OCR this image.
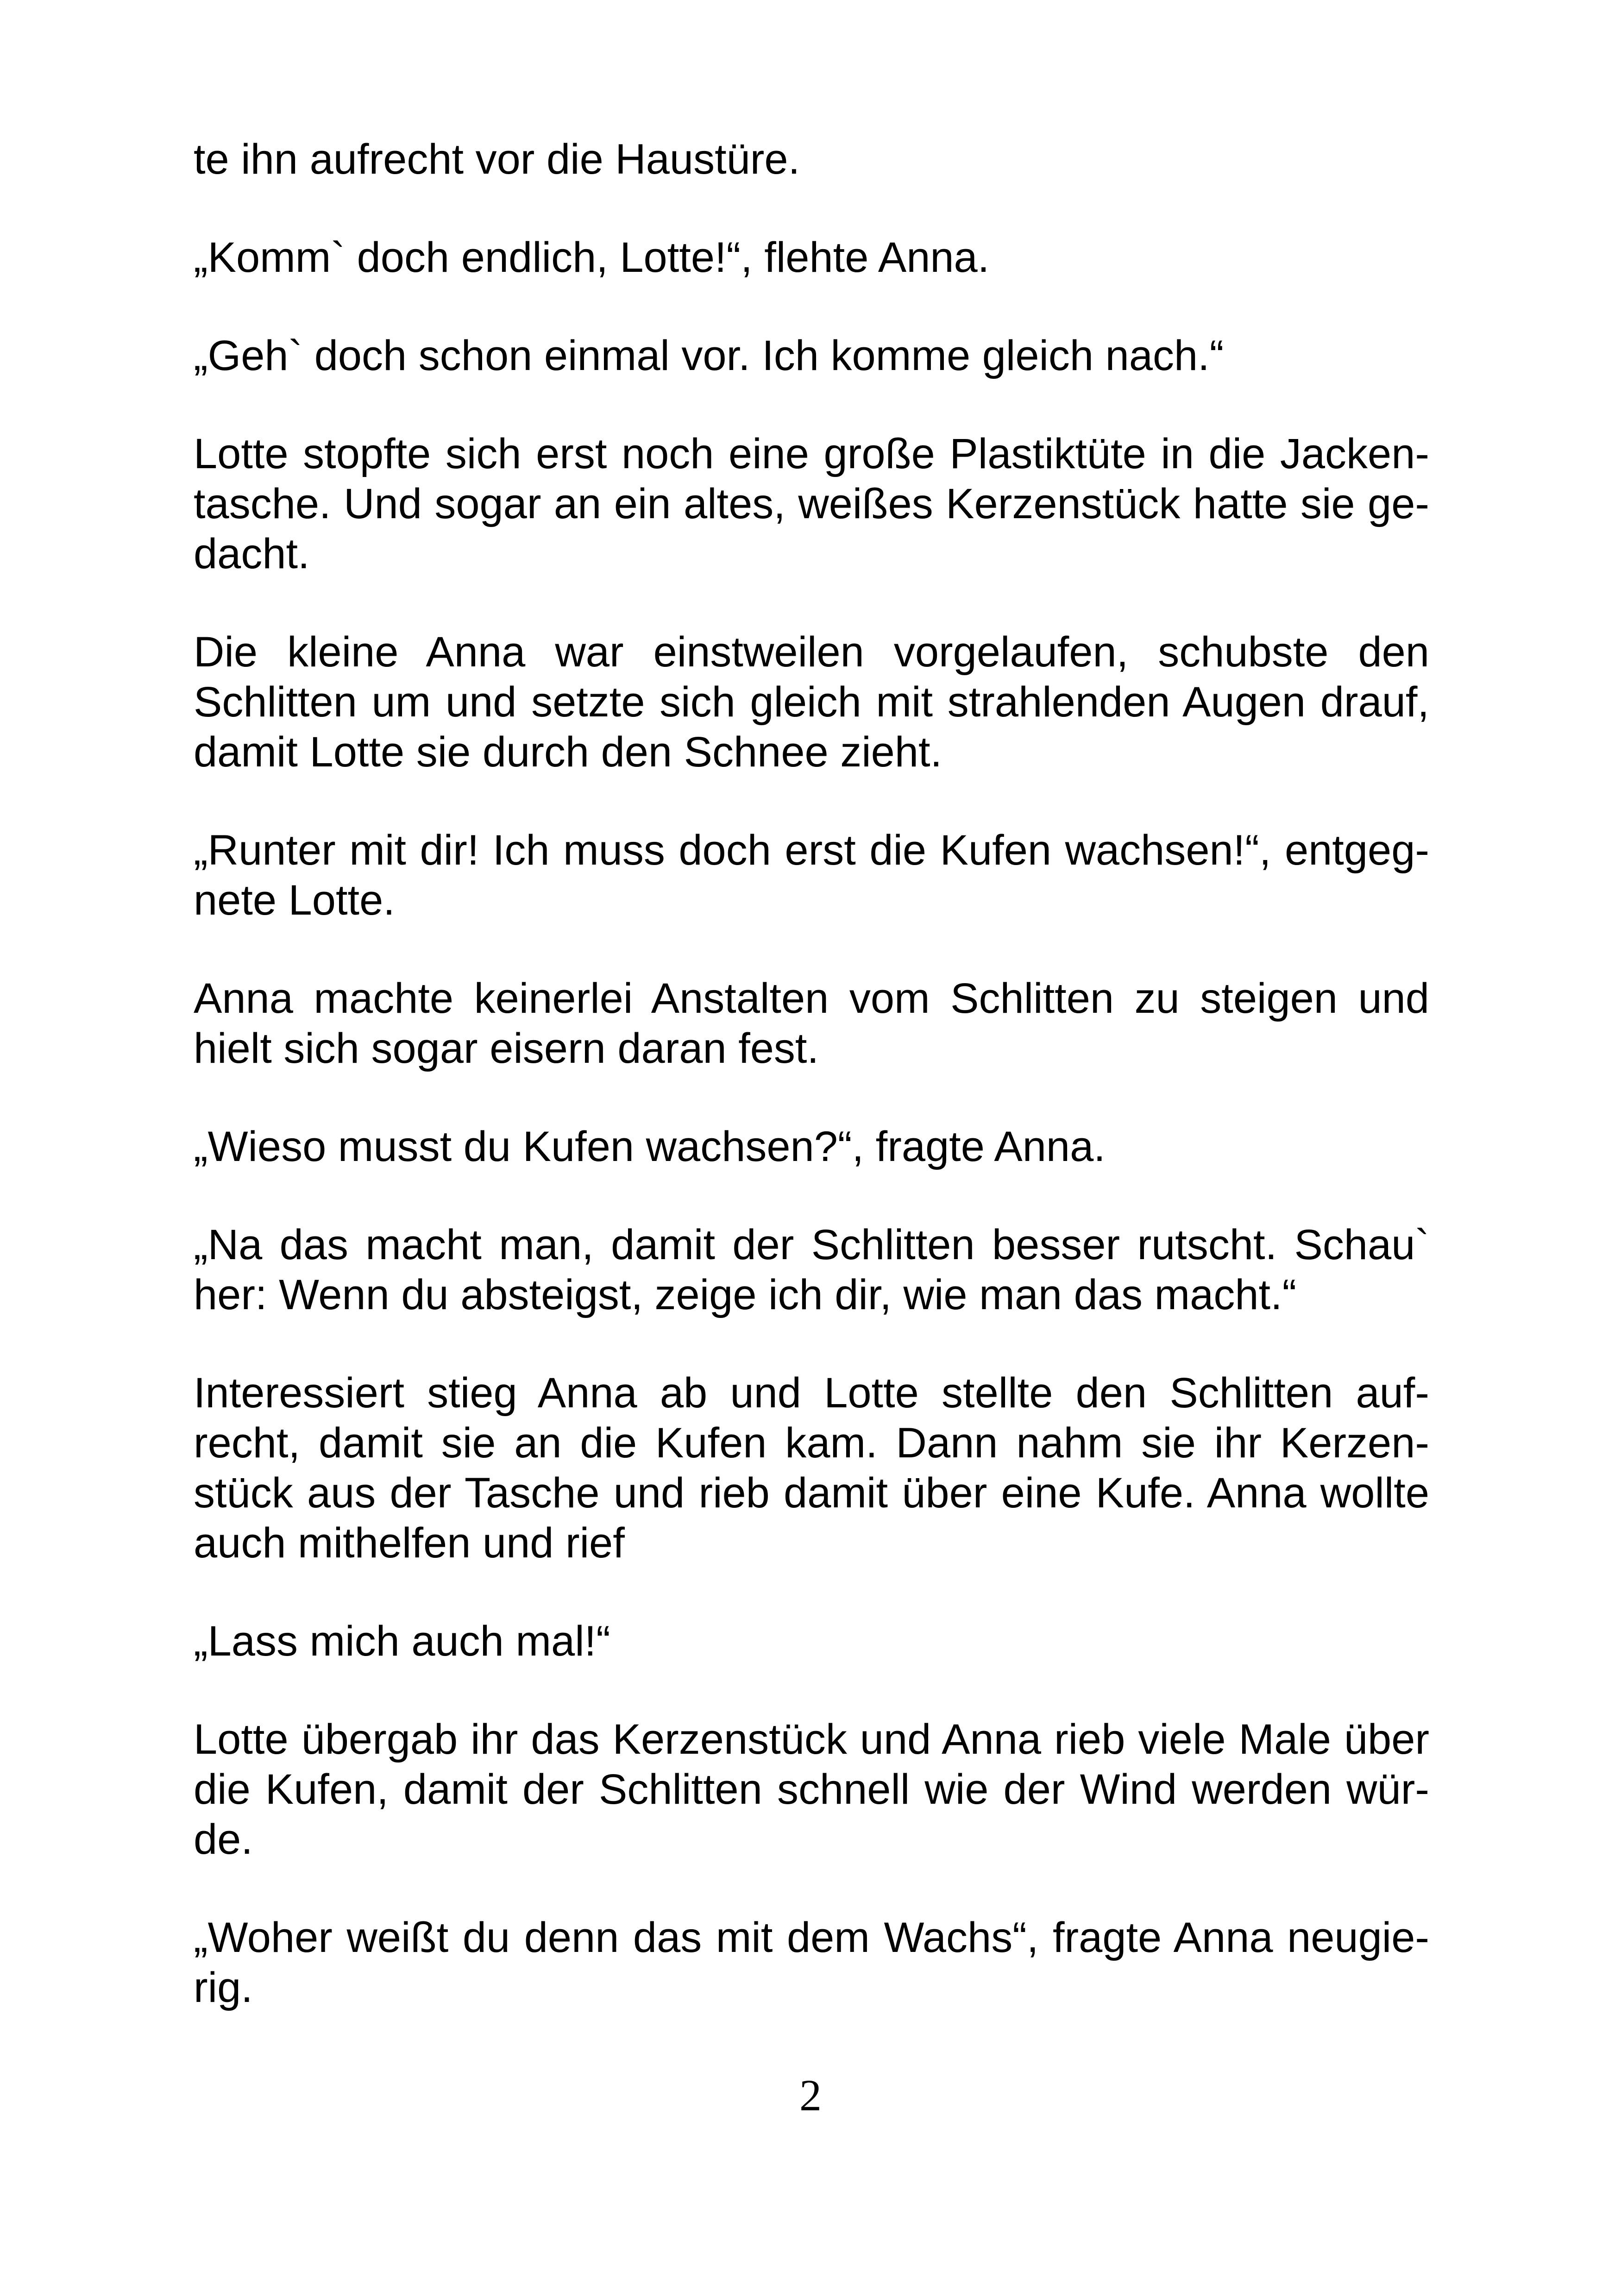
te ihn aufrecht vor die Haustüre.

„Komm` doch endlich, Lotte!“, flehte Anna.

„Geh` doch schon einmal vor. Ich komme gleich nach.“

Lotte stopfte sich erst noch eine große Plastiktüte in die Jacken-
tasche. Und sogar an ein altes, weißes Kerzenstück hatte sie ge-
dacht.

Die kleine Anna war einstweilen vorgelaufen, schubste den
Schlitten um und setzte sich gleich mit strahlenden Augen drauf,
damit Lotte sie durch den Schnee zieht.

„Runter mit dir! Ich muss doch erst die Kufen wachsen!“, entgeg-
nete Lotte.

Anna machte keinerlei Anstalten vom Schlitten zu steigen und
hielt sich sogar eisern daran fest.

„Wieso musst du Kufen wachsen?“, fragte Anna.

„Na das macht man, damit der Schlitten besser rutscht. Schau`
her: Wenn du absteigst, zeige ich dir, wie man das macht.“

Interessiert stieg Anna ab und Lotte stellte den Schlitten auf-
recht, damit sie an die Kufen kam. Dann nahm sie ihr Kerzen-
stück aus der Tasche und rieb damit über eine Kufe. Anna wollte
auch mithelfen und rief

„Lass mich auch mal!“

Lotte übergab ihr das Kerzenstück und Anna rieb viele Male über
die Kufen, damit der Schlitten schnell wie der Wind werden wür-
de.

„Woher weißt du denn das mit dem Wachs“, fragte Anna neugie-
rig.

2
